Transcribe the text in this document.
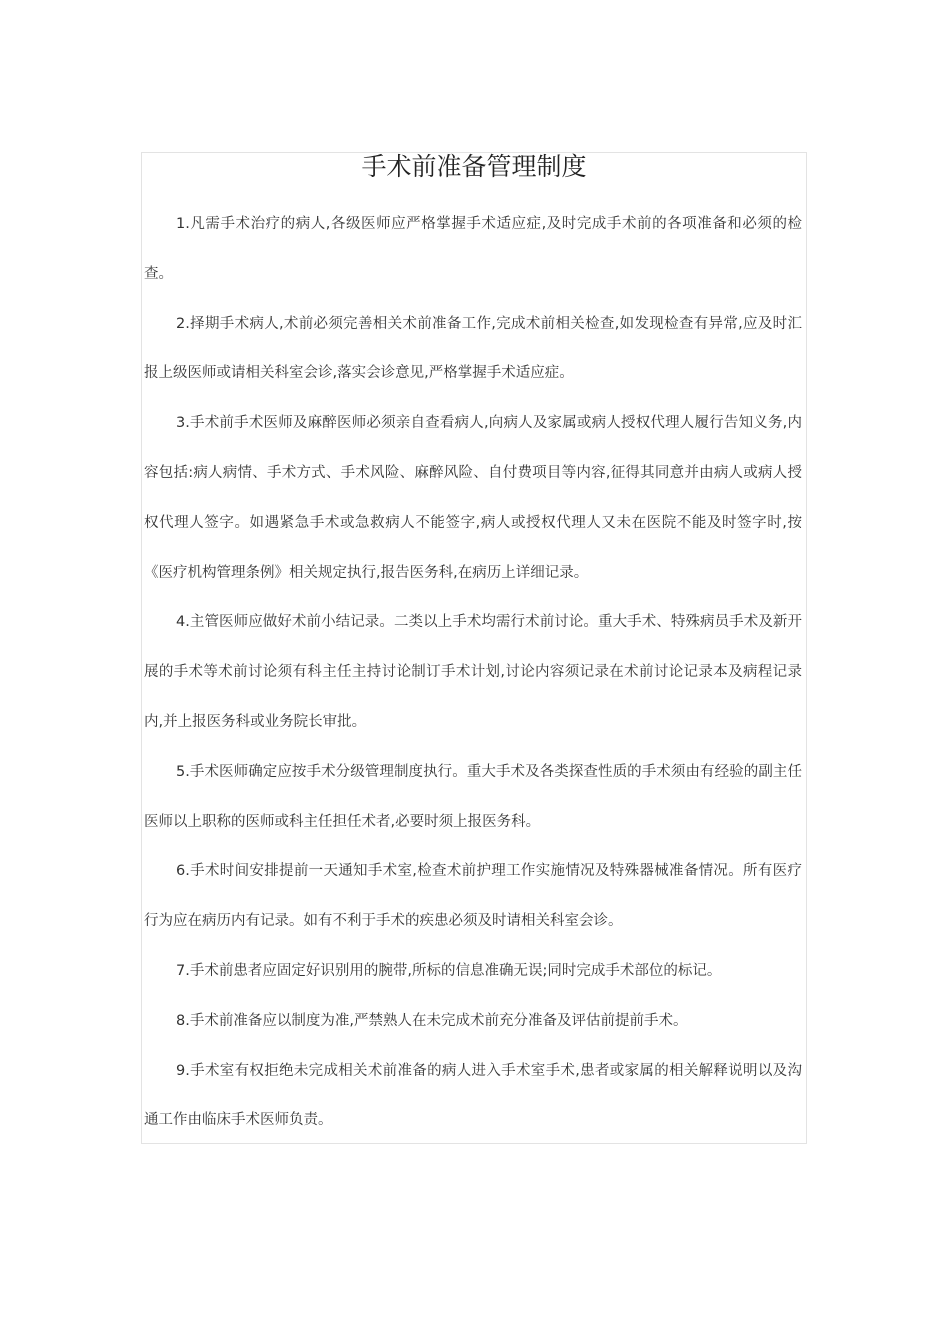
手术前准备管理制度

1.凡需手术治疗的病人,各级医师应严格掌握手术适应症,及时完成手术前的各项准备和必须的检查。

2.择期手术病人,术前必须完善相关术前准备工作,完成术前相关检查,如发现检查有异常,应及时汇报上级医师或请相关科室会诊,落实会诊意见,严格掌握手术适应症。

3.手术前手术医师及麻醉医师必须亲自查看病人,向病人及家属或病人授权代理人履行告知义务,内容包括:病人病情、手术方式、手术风险、麻醉风险、自付费项目等内容,征得其同意并由病人或病人授权代理人签字。如遇紧急手术或急救病人不能签字,病人或授权代理人又未在医院不能及时签字时,按《医疗机构管理条例》相关规定执行,报告医务科,在病历上详细记录。

4.主管医师应做好术前小结记录。二类以上手术均需行术前讨论。重大手术、特殊病员手术及新开展的手术等术前讨论须有科主任主持讨论制订手术计划,讨论内容须记录在术前讨论记录本及病程记录内,并上报医务科或业务院长审批。

5.手术医师确定应按手术分级管理制度执行。重大手术及各类探查性质的手术须由有经验的副主任医师以上职称的医师或科主任担任术者,必要时须上报医务科。

6.手术时间安排提前一天通知手术室,检查术前护理工作实施情况及特殊器械准备情况。所有医疗行为应在病历内有记录。如有不利于手术的疾患必须及时请相关科室会诊。

7.手术前患者应固定好识别用的腕带,所标的信息准确无误;同时完成手术部位的标记。

8.手术前准备应以制度为准,严禁熟人在未完成术前充分准备及评估前提前手术。

9.手术室有权拒绝未完成相关术前准备的病人进入手术室手术,患者或家属的相关解释说明以及沟通工作由临床手术医师负责。
